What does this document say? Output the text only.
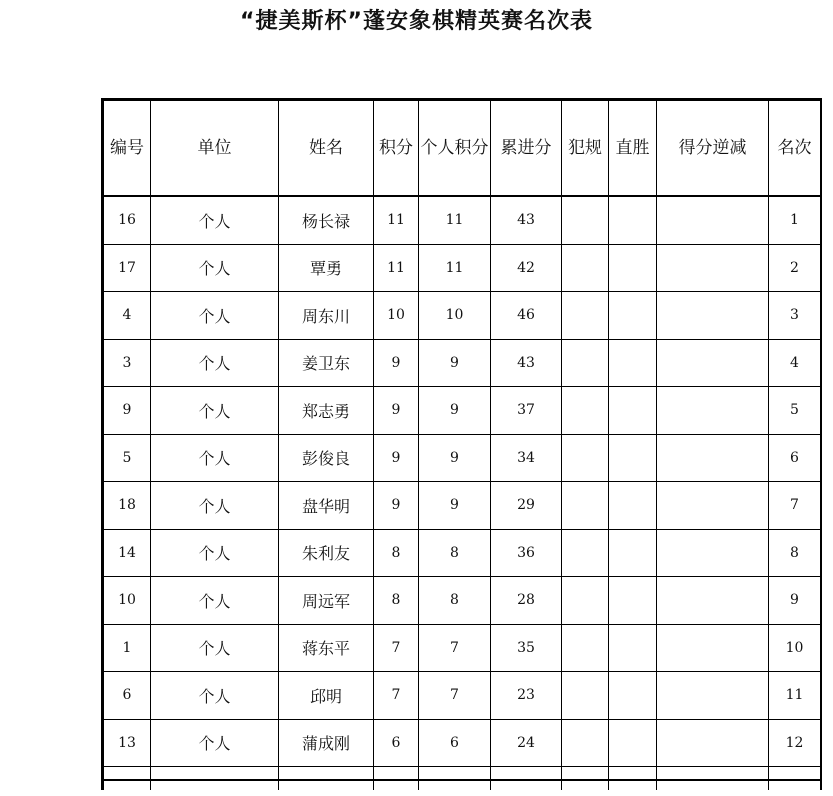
“捷美斯杯”蓬安象棋精英赛名次表
编号	单位	姓名	积分	个人积分	累进分	犯规	直胜	得分逆减	名次
16	个人	杨长禄	11	11	43				1
17	个人	覃勇	11	11	42				2
4	个人	周东川	10	10	46				3
3	个人	姜卫东	9	9	43				4
9	个人	郑志勇	9	9	37				5
5	个人	彭俊良	9	9	34				6
18	个人	盘华明	9	9	29				7
14	个人	朱利友	8	8	36				8
10	个人	周远军	8	8	28				9
1	个人	蒋东平	7	7	35				10
6	个人	邱明	7	7	23				11
13	个人	蒲成刚	6	6	24				12
